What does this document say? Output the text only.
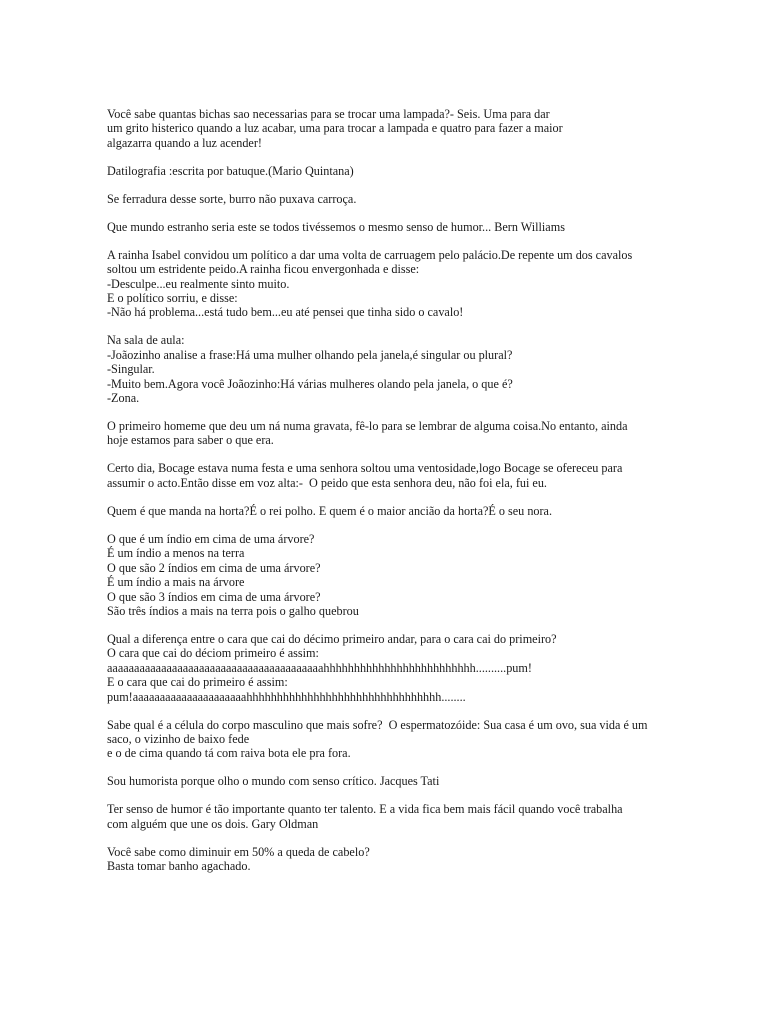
Você sabe quantas bichas sao necessarias para se trocar uma lampada?- Seis. Uma para dar
um grito histerico quando a luz acabar, uma para trocar a lampada e quatro para fazer a maior
algazarra quando a luz acender!

Datilografia :escrita por batuque.(Mario Quintana)

Se ferradura desse sorte, burro não puxava carroça.

Que mundo estranho seria este se todos tivéssemos o mesmo senso de humor... Bern Williams

A rainha Isabel convidou um político a dar uma volta de carruagem pelo palácio.De repente um dos cavalos
soltou um estridente peido.A rainha ficou envergonhada e disse:
-Desculpe...eu realmente sinto muito.
E o político sorriu, e disse:
-Não há problema...está tudo bem...eu até pensei que tinha sido o cavalo!

Na sala de aula:
-Joãozinho analise a frase:Há uma mulher olhando pela janela,é singular ou plural?
-Singular.
-Muito bem.Agora você Joãozinho:Há várias mulheres olando pela janela, o que é?
-Zona.

O primeiro homeme que deu um ná numa gravata, fê-lo para se lembrar de alguma coisa.No entanto, ainda
hoje estamos para saber o que era.

Certo dia, Bocage estava numa festa e uma senhora soltou uma ventosidade,logo Bocage se ofereceu para
assumir o acto.Então disse em voz alta:-  O peido que esta senhora deu, não foi ela, fui eu.

Quem é que manda na horta?É o rei polho. E quem é o maior ancião da horta?É o seu nora.

O que é um índio em cima de uma árvore?
É um índio a menos na terra
O que são 2 índios em cima de uma árvore?
É um índio a mais na árvore
O que são 3 índios em cima de uma árvore?
São três índios a mais na terra pois o galho quebrou

Qual a diferença entre o cara que cai do décimo primeiro andar, para o cara cai do primeiro?
O cara que cai do déciom primeiro é assim:
aaaaaaaaaaaaaaaaaaaaaaaaaaaaaaaaaaaaaaaahhhhhhhhhhhhhhhhhhhhhhhhh..........pum!
E o cara que cai do primeiro é assim:
pum!aaaaaaaaaaaaaaaaaaaaahhhhhhhhhhhhhhhhhhhhhhhhhhhhhhhh........

Sabe qual é a célula do corpo masculino que mais sofre?  O espermatozóide: Sua casa é um ovo, sua vida é um
saco, o vizinho de baixo fede
e o de cima quando tá com raiva bota ele pra fora.

Sou humorista porque olho o mundo com senso crítico. Jacques Tati

Ter senso de humor é tão importante quanto ter talento. E a vida fica bem mais fácil quando você trabalha
com alguém que une os dois. Gary Oldman

Você sabe como diminuir em 50% a queda de cabelo?
Basta tomar banho agachado.
